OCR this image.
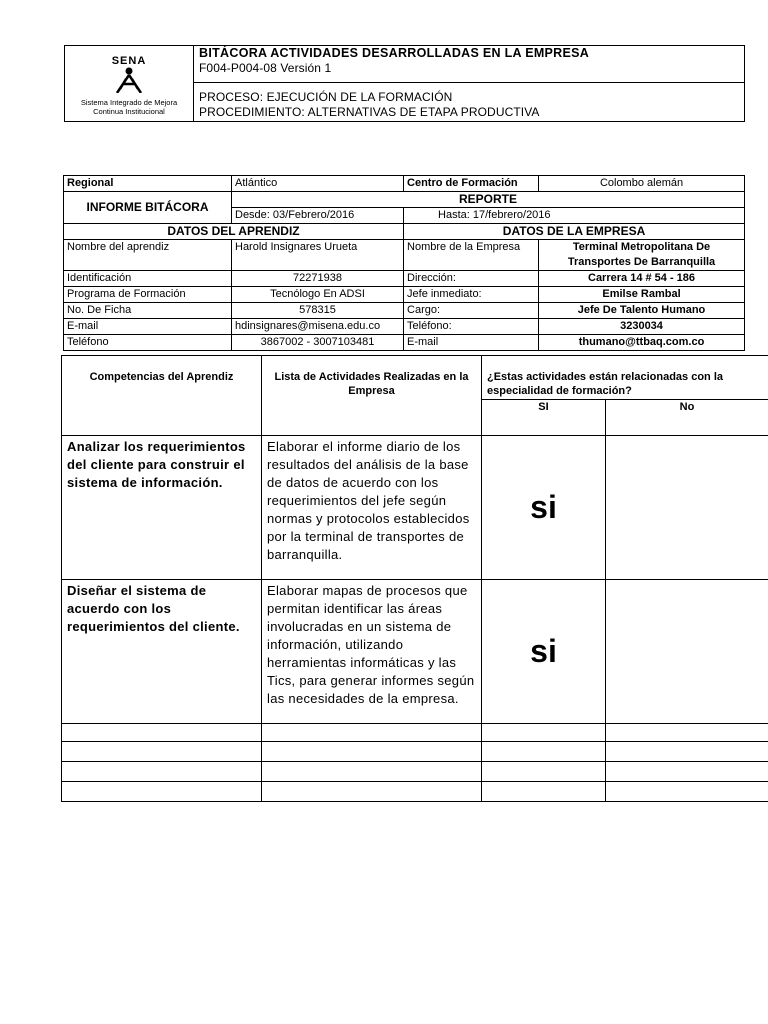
SENA
Sistema Integrado de Mejora
Continua Institucional

BITÁCORA ACTIVIDADES DESARROLLADAS EN LA EMPRESA
F004-P004-08 Versión 1

PROCESO: EJECUCIÓN DE LA FORMACIÓN
PROCEDIMIENTO: ALTERNATIVAS DE ETAPA PRODUCTIVA
Regional	Atlántico	Centro de Formación	Colombo alemán
INFORME BITÁCORA	REPORTE		
	Desde: 03/Febrero/2016	Hasta: 17/febrero/2016	
DATOS DEL APRENDIZ		DATOS DE LA EMPRESA	
Nombre del aprendiz	Harold Insignares Urueta	Nombre de la Empresa	Terminal Metropolitana De Transportes De Barranquilla
Identificación	72271938	Dirección:	Carrera 14 # 54 - 186
Programa de Formación	Tecnólogo En ADSI	Jefe inmediato:	Emilse Rambal
No. De Ficha	578315	Cargo:	Jefe De Talento Humano
E-mail	hdinsignares@misena.edu.co	Teléfono:	3230034
Teléfono	3867002 - 3007103481	E-mail	thumano@ttbaq.com.co
Competencias del Aprendiz	Lista de Actividades Realizadas en la Empresa	¿Estas actividades están relacionadas con la especialidad de formación?	
		SI	No
Analizar los requerimientos del cliente para construir el sistema de información.	Elaborar el informe diario de los resultados del análisis de la base de datos de acuerdo con los requerimientos del jefe según normas y protocolos establecidos por la terminal de transportes de barranquilla.	si	
Diseñar el sistema de acuerdo con los requerimientos del cliente.	Elaborar mapas de procesos que permitan identificar las áreas involucradas en un sistema de información, utilizando herramientas informáticas y las Tics, para generar informes según las necesidades de la empresa.	si	
